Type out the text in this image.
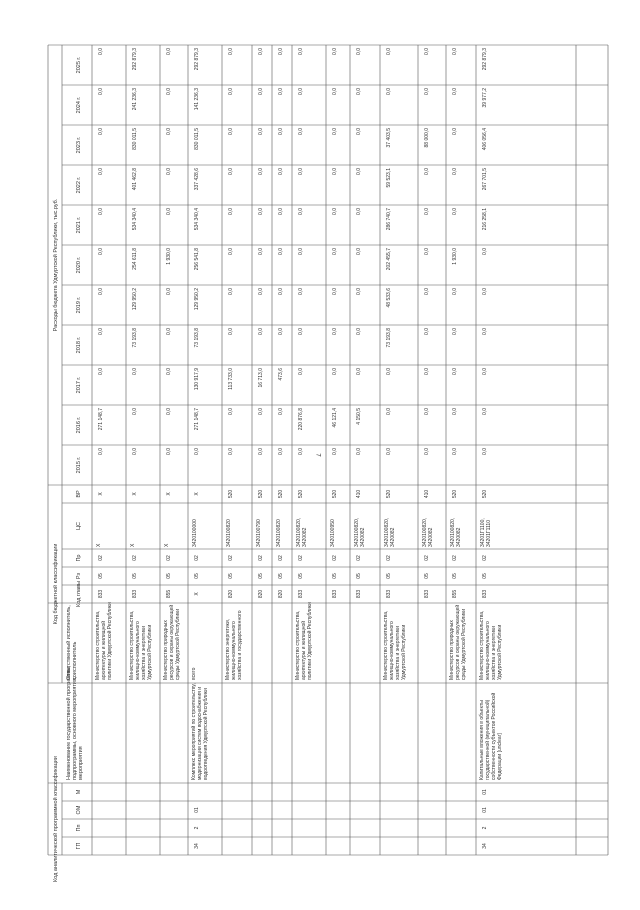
7
Код аналитической программной классификации
Код бюджетной классификации
Расходы бюджета Удмуртской Республики, тыс.руб.
ГП
Пп
ОМ
М
Наименование государственной программы,подпрограммы, основного мероприятия,мероприятия
Ответственный исполнитель,соисполнитель
Код главы
Рз
Пр
ЦС
ВР
2015 г.
2016 г.
2017 г.
2018 г.
2019 г.
2020 г.
2021 г.
2022 г.
2023 г.
2024 г.
2025 г.
Министерство строительства,архитектуры и жилищнойполитики Удмуртской Республики
833
05
02
X
X
0,0
271 148,7
0,0
0,0
0,0
0,0
0,0
0,0
0,0
0,0
0,0
Министерство строительства,жилищно-коммунальногохозяйства и энергетикиУдмуртской Республики
833
05
02
X
X
0,0
0,0
0,0
73 193,8
129 950,2
254 611,8
534 340,4
401 462,8
830 011,5
241 236,3
292 879,3
Министерство природныхресурсов и охраны окружающейсреды Удмуртской Республики
855
05
02
X
X
0,0
0,0
0,0
0,0
0,0
1 930,0
0,0
0,0
0,0
0,0
0,0
34
2
01
Комплекс мероприятий по строительству,модернизации систем водоснабжения иводоотведения Удмуртской Республики
всего
X
05
02
3420100000
X
0,0
271 148,7
130 917,9
73 193,8
129 950,2
256 541,8
534 340,4
337 428,6
830 011,5
141 236,3
292 879,3
Министерство энергетики,жилищно-коммунальногохозяйства и государственного
820
05
02
3420100820
520
0,0
0,0
113 733,0
0,0
0,0
0,0
0,0
0,0
0,0
0,0
0,0
820
05
02
3420100790
520
0,0
0,0
16 713,0
0,0
0,0
0,0
0,0
0,0
0,0
0,0
0,0
820
05
02
3420100820
520
0,0
0,0
473,6
0,0
0,0
0,0
0,0
0,0
0,0
0,0
0,0
Министерство строительства,архитектуры и жилищнойполитики Удмуртской Республики
833
05
02
3420100820,3420082
520
0,0
220 876,8
0,0
0,0
0,0
0,0
0,0
0,0
0,0
0,0
0,0
833
05
02
3420100950
520
0,0
46 121,4
0,0
0,0
0,0
0,0
0,0
0,0
0,0
0,0
0,0
833
05
02
3420100820,3420082
410
0,0
4 150,5
0,0
0,0
0,0
0,0
0,0
0,0
0,0
0,0
0,0
Министерство строительства,жилищно-коммунальногохозяйства и энергетикиУдмуртской Республики
833
05
02
3420100820,3420082
520
0,0
0,0
0,0
73 193,8
48 533,6
202 455,7
286 740,7
59 523,1
37 403,5
0,0
0,0
833
05
02
3420100820,3420082
410
0,0
0,0
0,0
0,0
0,0
0,0
0,0
0,0
88 000,0
0,0
0,0
Министерство природныхресурсов и охраны окружающейсреды Удмуртской Республики
855
05
02
3420100820,3420082
520
0,0
0,0
0,0
0,0
0,0
1 930,0
0,0
0,0
0,0
0,0
0,0
34
2
01
01
Капитальные вложения в объектыгосударственной (муниципальной)собственности субъектов РоссийскойФедерации [unclear]
Министерство строительства,жилищно-коммунальногохозяйства и энергетикиУдмуртской Республики
833
05
02
34201Г1100,34201Г1110
520
0,0
0,0
0,0
0,0
0,0
0,0
216 258,1
267 701,5
406 056,4
39 977,2
292 879,3
